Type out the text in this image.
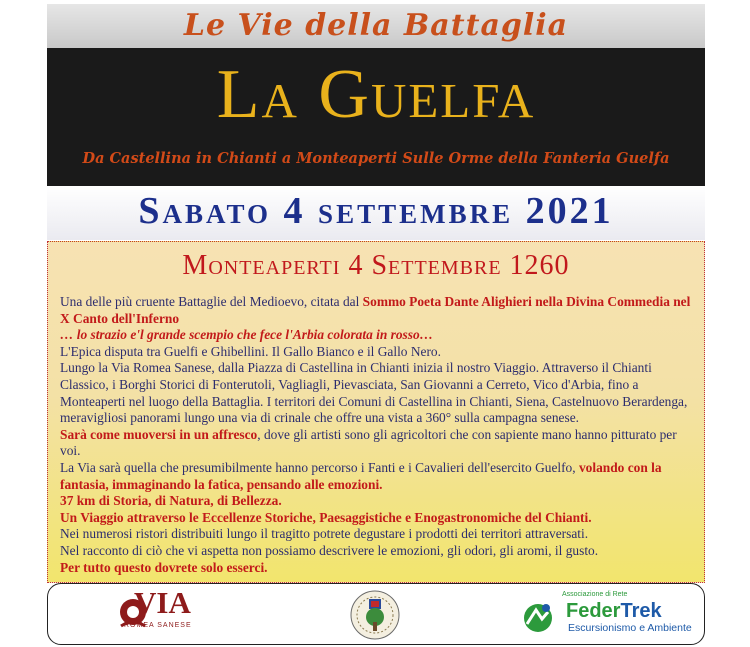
Le Vie della Battaglia
La Guelfa
Da Castellina in Chianti a Monteaperti Sulle Orme della Fanteria Guelfa
Sabato 4 settembre 2021
Monteaperti 4 Settembre 1260

Una delle più cruente Battaglie del Medioevo, citata dal Sommo Poeta Dante Alighieri nella Divina Commedia nel X Canto dell'Inferno

… lo strazio e'l grande scempio che fece l'Arbia colorata in rosso…

L'Epica disputa tra Guelfi e Ghibellini. Il Gallo Bianco e il Gallo Nero.

Lungo la Via Romea Sanese, dalla Piazza di Castellina in Chianti inizia il nostro Viaggio. Attraverso il Chianti Classico, i Borghi Storici di Fonterutoli, Vagliagli, Pievasciata, San Giovanni a Cerreto, Vico d'Arbia, fino a Monteaperti nel luogo della Battaglia. I territori dei Comuni di Castellina in Chianti, Siena, Castelnuovo Berardenga, meravigliosi panorami lungo una via di crinale che offre una vista a 360° sulla campagna senese.

Sarà come muoversi in un affresco, dove gli artisti sono gli agricoltori che con sapiente mano hanno pitturato per voi.

La Via sarà quella che presumibilmente hanno percorso i Fanti e i Cavalieri dell'esercito Guelfo, volando con la fantasia, immaginando la fatica, pensando alle emozioni.

37 km di Storia, di Natura, di Bellezza.

Un Viaggio attraverso le Eccellenze Storiche, Paesaggistiche e Enogastronomiche del Chianti.

Nei numerosi ristori distribuiti lungo il tragitto potrete degustare i prodotti dei territori attraversati.

Nel racconto di ciò che vi aspetta non possiamo descrivere le emozioni, gli odori, gli aromi, il gusto.

Per tutto questo dovrete solo esserci.

VIA
ROMEA SANESE
Associazione di Rete
FederTrek
Escursionismo e Ambiente
